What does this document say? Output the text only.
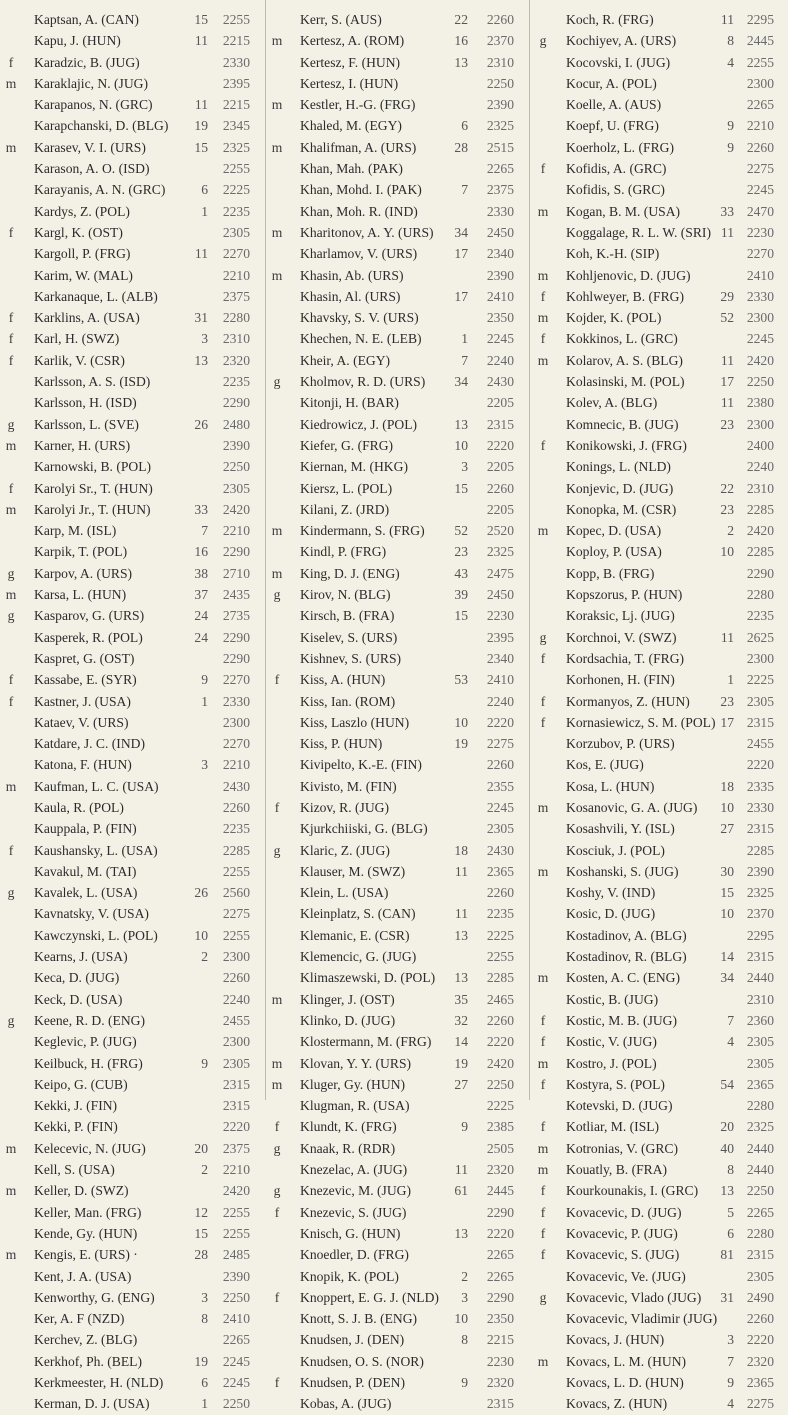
Kaptsan, A. (CAN)	15	2255
Kapu, J. (HUN)	11	2215
f	Karadzic, B. (JUG)	2330
m	Karaklajic, N. (JUG)	2395
Karapanos, N. (GRC)	11	2215
Karapchanski, D. (BLG)	19	2345
m	Karasev, V. I. (URS)	15	2325
Karason, A. O. (ISD)	2255
Karayanis, A. N. (GRC)	6	2225
Kardys, Z. (POL)	1	2235
f	Kargl, K. (OST)	2305
Kargoll, P. (FRG)	11	2270
Karim, W. (MAL)	2210
Karkanaque, L. (ALB)	2375
f	Karklins, A. (USA)	31	2280
f	Karl, H. (SWZ)	3	2310
f	Karlik, V. (CSR)	13	2320
Karlsson, A. S. (ISD)	2235
Karlsson, H. (ISD)	2290
g	Karlsson, L. (SVE)	26	2480
m	Karner, H. (URS)	2390
Karnowski, B. (POL)	2250
f	Karolyi Sr., T. (HUN)	2305
m	Karolyi Jr., T. (HUN)	33	2420
Karp, M. (ISL)	7	2210
Karpik, T. (POL)	16	2290
g	Karpov, A. (URS)	38	2710
m	Karsa, L. (HUN)	37	2435
g	Kasparov, G. (URS)	24	2735
Kasperek, R. (POL)	24	2290
Kaspret, G. (OST)	2290
f	Kassabe, E. (SYR)	9	2270
f	Kastner, J. (USA)	1	2330
Kataev, V. (URS)	2300
Katdare, J. C. (IND)	2270
Katona, F. (HUN)	3	2210
m	Kaufman, L. C. (USA)	2430
Kaula, R. (POL)	2260
Kauppala, P. (FIN)	2235
f	Kaushansky, L. (USA)	2285
Kavakul, M. (TAI)	2255
g	Kavalek, L. (USA)	26	2560
Kavnatsky, V. (USA)	2275
Kawczynski, L. (POL)	10	2255
Kearns, J. (USA)	2	2300
Keca, D. (JUG)	2260
Keck, D. (USA)	2240
g	Keene, R. D. (ENG)	2455
Keglevic, P. (JUG)	2300
Keilbuck, H. (FRG)	9	2305
Keipo, G. (CUB)	2315
Kekki, J. (FIN)	2315
Kekki, P. (FIN)	2220
m	Kelecevic, N. (JUG)	20	2375
Kell, S. (USA)	2	2210
m	Keller, D. (SWZ)	2420
Keller, Man. (FRG)	12	2255
Kende, Gy. (HUN)	15	2255
m	Kengis, E. (URS) ·	28	2485
Kent, J. A. (USA)	2390
Kenworthy, G. (ENG)	3	2250
Ker, A. F (NZD)	8	2410
Kerchev, Z. (BLG)	2265
Kerkhof, Ph. (BEL)	19	2245
Kerkmeester, H. (NLD)	6	2245
Kerman, D. J. (USA)	1	2250
Kerr, S. (AUS)	22	2260
m	Kertesz, A. (ROM)	16	2370
Kertesz, F. (HUN)	13	2310
Kertesz, I. (HUN)	2250
m	Kestler, H.-G. (FRG)	2390
Khaled, M. (EGY)	6	2325
m	Khalifman, A. (URS)	28	2515
Khan, Mah. (PAK)	2265
Khan, Mohd. I. (PAK)	7	2375
Khan, Moh. R. (IND)	2330
m	Kharitonov, A. Y. (URS)	34	2450
Kharlamov, V. (URS)	17	2340
m	Khasin, Ab. (URS)	2390
Khasin, Al. (URS)	17	2410
Khavsky, S. V. (URS)	2350
Khechen, N. E. (LEB)	1	2245
Kheir, A. (EGY)	7	2240
g	Kholmov, R. D. (URS)	34	2430
Kitonji, H. (BAR)	2205
Kiedrowicz, J. (POL)	13	2315
Kiefer, G. (FRG)	10	2220
Kiernan, M. (HKG)	3	2205
Kiersz, L. (POL)	15	2260
Kilani, Z. (JRD)	2205
m	Kindermann, S. (FRG)	52	2520
Kindl, P. (FRG)	23	2325
m	King, D. J. (ENG)	43	2475
g	Kirov, N. (BLG)	39	2450
Kirsch, B. (FRA)	15	2230
Kiselev, S. (URS)	2395
Kishnev, S. (URS)	2340
f	Kiss, A. (HUN)	53	2410
Kiss, Ian. (ROM)	2240
Kiss, Laszlo (HUN)	10	2220
Kiss, P. (HUN)	19	2275
Kivipelto, K.-E. (FIN)	2260
Kivisto, M. (FIN)	2355
f	Kizov, R. (JUG)	2245
Kjurkchiiski, G. (BLG)	2305
g	Klaric, Z. (JUG)	18	2430
Klauser, M. (SWZ)	11	2365
Klein, L. (USA)	2260
Kleinplatz, S. (CAN)	11	2235
Klemanic, E. (CSR)	13	2225
Klemencic, G. (JUG)	2255
Klimaszewski, D. (POL)	13	2285
m	Klinger, J. (OST)	35	2465
Klinko, D. (JUG)	32	2260
Klostermann, M. (FRG)	14	2220
m	Klovan, Y. Y. (URS)	19	2420
m	Kluger, Gy. (HUN)	27	2250
Klugman, R. (USA)	2225
f	Klundt, K. (FRG)	9	2385
g	Knaak, R. (RDR)	2505
Knezelac, A. (JUG)	11	2320
g	Knezevic, M. (JUG)	61	2445
f	Knezevic, S. (JUG)	2290
Knisch, G. (HUN)	13	2220
Knoedler, D. (FRG)	2265
Knopik, K. (POL)	2	2265
f	Knoppert, E. G. J. (NLD)	3	2290
Knott, S. J. B. (ENG)	10	2350
Knudsen, J. (DEN)	8	2215
Knudsen, O. S. (NOR)	2230
f	Knudsen, P. (DEN)	9	2320
Kobas, A. (JUG)	2315
Koch, R. (FRG)	11 2295
g	Kochiyev, A. (URS)	8 2445
Kocovski, I. (JUG)	4 2255
Kocur, A. (POL)	2300
Koelle, A. (AUS)	2265
Koepf, U. (FRG)	9 2210
Koerholz, L. (FRG)	9 2260
f	Kofidis, A. (GRC)	2275
Kofidis, S. (GRC)	2245
m	Kogan, B. M. (USA)	33 2470
Koggalage, R. L. W. (SRI) 11 2230
Koh, K.-H. (SIP)	2270
m	Kohljenovic, D. (JUG)	2410
f	Kohlweyer, B. (FRG)	29 2330
m	Kojder, K. (POL)	52 2300
f	Kokkinos, L. (GRC)	2245
m	Kolarov, A. S. (BLG)	11 2420
Kolasinski, M. (POL)	17 2250
Kolev, A. (BLG)	11 2380
Komnecic, B. (JUG)	23 2300
f	Konikowski, J. (FRG)	2400
Konings, L. (NLD)	2240
Konjevic, D. (JUG)	22 2310
Konopka, M. (CSR)	23 2285
m	Kopec, D. (USA)	2 2420
Koploy, P. (USA)	10 2285
Kopp, B. (FRG)	2290
Kopszorus, P. (HUN)	2280
Koraksic, Lj. (JUG)	2235
g	Korchnoi, V. (SWZ)	11 2625
f	Kordsachia, T. (FRG)	2300
Korhonen, H. (FIN)	1 2225
f	Kormanyos, Z. (HUN)	23 2305
f	Kornasiewicz, S. M. (POL) 17 2315
Korzubov, P. (URS)	2455
Kos, E. (JUG)	2220
Kosa, L. (HUN)	18 2335
m	Kosanovic, G. A. (JUG)	10 2330
Kosashvili, Y. (ISL)	27 2315
Kosciuk, J. (POL)	2285
m	Koshanski, S. (JUG)	30 2390
Koshy, V. (IND)	15 2325
Kosic, D. (JUG)	10 2370
Kostadinov, A. (BLG)	2295
Kostadinov, R. (BLG)	14 2315
m	Kosten, A. C. (ENG)	34 2440
Kostic, B. (JUG)	2310
f	Kostic, M. B. (JUG)	7 2360
f	Kostic, V. (JUG)	4 2305
m	Kostro, J. (POL)	2305
f	Kostyra, S. (POL)	54 2365
Kotevski, D. (JUG)	2280
f	Kotliar, M. (ISL)	20 2325
m	Kotronias, V. (GRC)	40 2440
m	Kouatly, B. (FRA)	8 2440
f	Kourkounakis, I. (GRC)	13 2250
f	Kovacevic, D. (JUG)	5 2265
f	Kovacevic, P. (JUG)	6 2280
f	Kovacevic, S. (JUG)	81 2315
Kovacevic, Ve. (JUG)	2305
g	Kovacevic, Vlado (JUG)	31 2490
Kovacevic, Vladimir (JUG)	2260
Kovacs, J. (HUN)	3 2220
m	Kovacs, L. M. (HUN)	7 2320
Kovacs, L. D. (HUN)	9 2365
Kovacs, Z. (HUN)	4 2275
